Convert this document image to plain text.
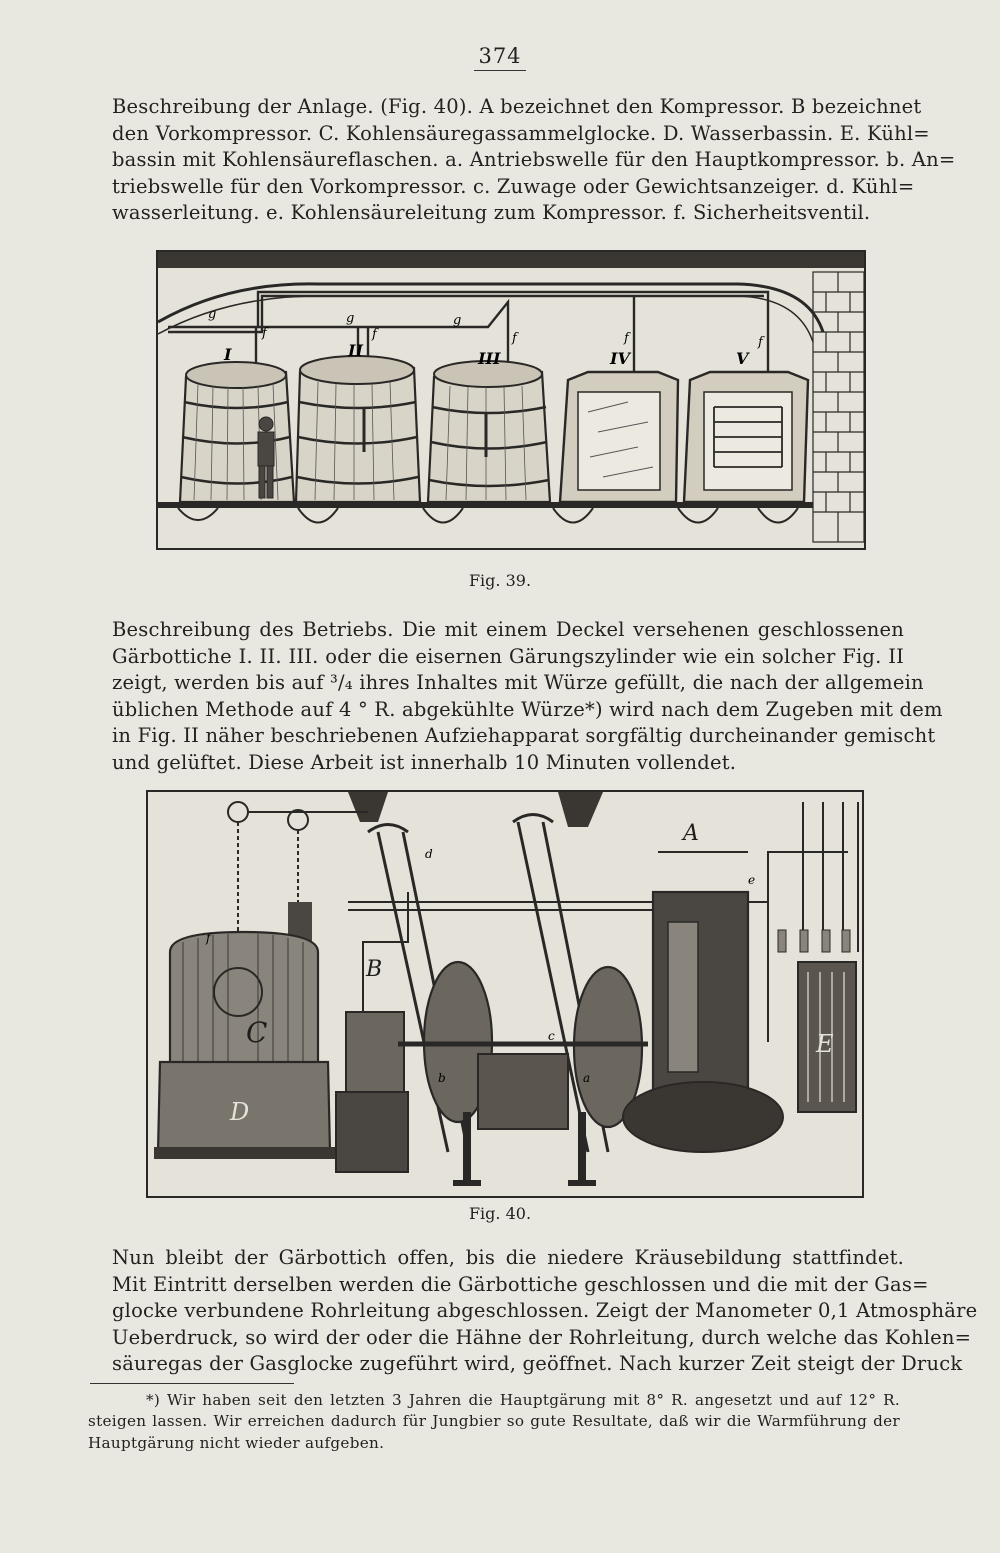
374

Beschreibung der Anlage. (Fig. 40). A bezeichnet den Kompressor. B bezeichnet
den Vorkompressor. C. Kohlensäuregassammelglocke. D. Wasserbassin. E. Kühl=
bassin mit Kohlensäureflaschen. a. Antriebswelle für den Hauptkompressor. b. An=
triebswelle für den Vorkompressor. c. Zuwage oder Gewichtsanzeiger. d. Kühl=
wasserleitung. e. Kohlensäureleitung zum Kompressor. f. Sicherheitsventil.

g	g	g
f	f	f	f	f
I	II	III	IV	V
Fig. 39.

Beschreibung des Betriebs. Die mit einem Deckel versehenen geschlossenen
Gärbottiche I. II. III. oder die eisernen Gärungszylinder wie ein solcher Fig. II
zeigt, werden bis auf ³/₄ ihres Inhaltes mit Würze gefüllt, die nach der allgemein
üblichen Methode auf 4 ° R. abgekühlte Würze*) wird nach dem Zugeben mit dem
in Fig. II näher beschriebenen Aufziehapparat sorgfältig durcheinander gemischt
und gelüftet. Diese Arbeit ist innerhalb 10 Minuten vollendet.

C
D
B
A
E
a
b
c
d
e
f
Fig. 40.

Nun bleibt der Gärbottich offen, bis die niedere Kräusebildung stattfindet.
Mit Eintritt derselben werden die Gärbottiche geschlossen und die mit der Gas=
glocke verbundene Rohrleitung abgeschlossen. Zeigt der Manometer 0,1 Atmosphäre
Ueberdruck, so wird der oder die Hähne der Rohrleitung, durch welche das Kohlen=
säuregas der Gasglocke zugeführt wird, geöffnet. Nach kurzer Zeit steigt der Druck

*) Wir haben seit den letzten 3 Jahren die Hauptgärung mit 8° R. angesetzt und auf 12° R.
steigen lassen. Wir erreichen dadurch für Jungbier so gute Resultate, daß wir die Warmführung der
Hauptgärung nicht wieder aufgeben.
